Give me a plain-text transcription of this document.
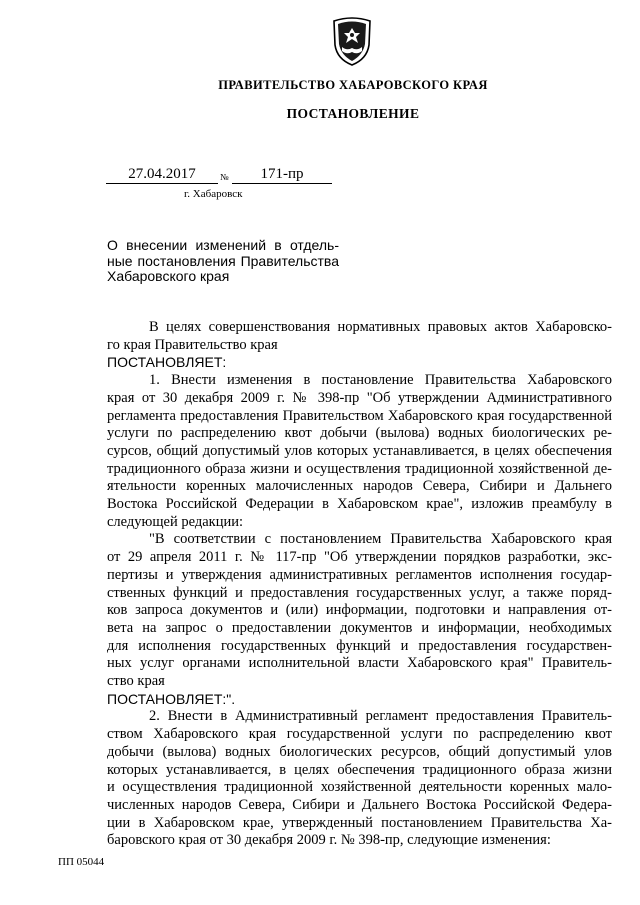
ПРАВИТЕЛЬСТВО ХАБАРОВСКОГО КРАЯ
ПОСТАНОВЛЕНИЕ
27.04.2017	№	171-пр
г. Хабаровск
О внесении изменений в отдель-
ные постановления Правительства
Хабаровского края
В целях совершенствования нормативных правовых актов Хабаровско-
го края Правительство края
ПОСТАНОВЛЯЕТ:
1. Внести изменения в постановление Правительства Хабаровского
края от 30 декабря 2009 г. № 398-пр "Об утверждении Административного
регламента предоставления Правительством Хабаровского края государственной
услуги по распределению квот добычи (вылова) водных биологических ре-
сурсов, общий допустимый улов которых устанавливается, в целях обеспечения
традиционного образа жизни и осуществления традиционной хозяйственной де-
ятельности коренных малочисленных народов Севера, Сибири и Дальнего
Востока Российской Федерации в Хабаровском крае", изложив преамбулу в
следующей редакции:
"В соответствии с постановлением Правительства Хабаровского края
от 29 апреля 2011 г. № 117-пр "Об утверждении порядков разработки, экс-
пертизы и утверждения административных регламентов исполнения государ-
ственных функций и предоставления государственных услуг, а также поряд-
ков запроса документов и (или) информации, подготовки и направления от-
вета на запрос о предоставлении документов и информации, необходимых
для исполнения государственных функций и предоставления государствен-
ных услуг органами исполнительной власти Хабаровского края" Правитель-
ство края
ПОСТАНОВЛЯЕТ:".
2. Внести в Административный регламент предоставления Правитель-
ством Хабаровского края государственной услуги по распределению квот
добычи (вылова) водных биологических ресурсов, общий допустимый улов
которых устанавливается, в целях обеспечения традиционного образа жизни
и осуществления традиционной хозяйственной деятельности коренных мало-
численных народов Севера, Сибири и Дальнего Востока Российской Федера-
ции в Хабаровском крае, утвержденный постановлением Правительства Ха-
баровского края от 30 декабря 2009 г. № 398-пр, следующие изменения:
ПП 05044
